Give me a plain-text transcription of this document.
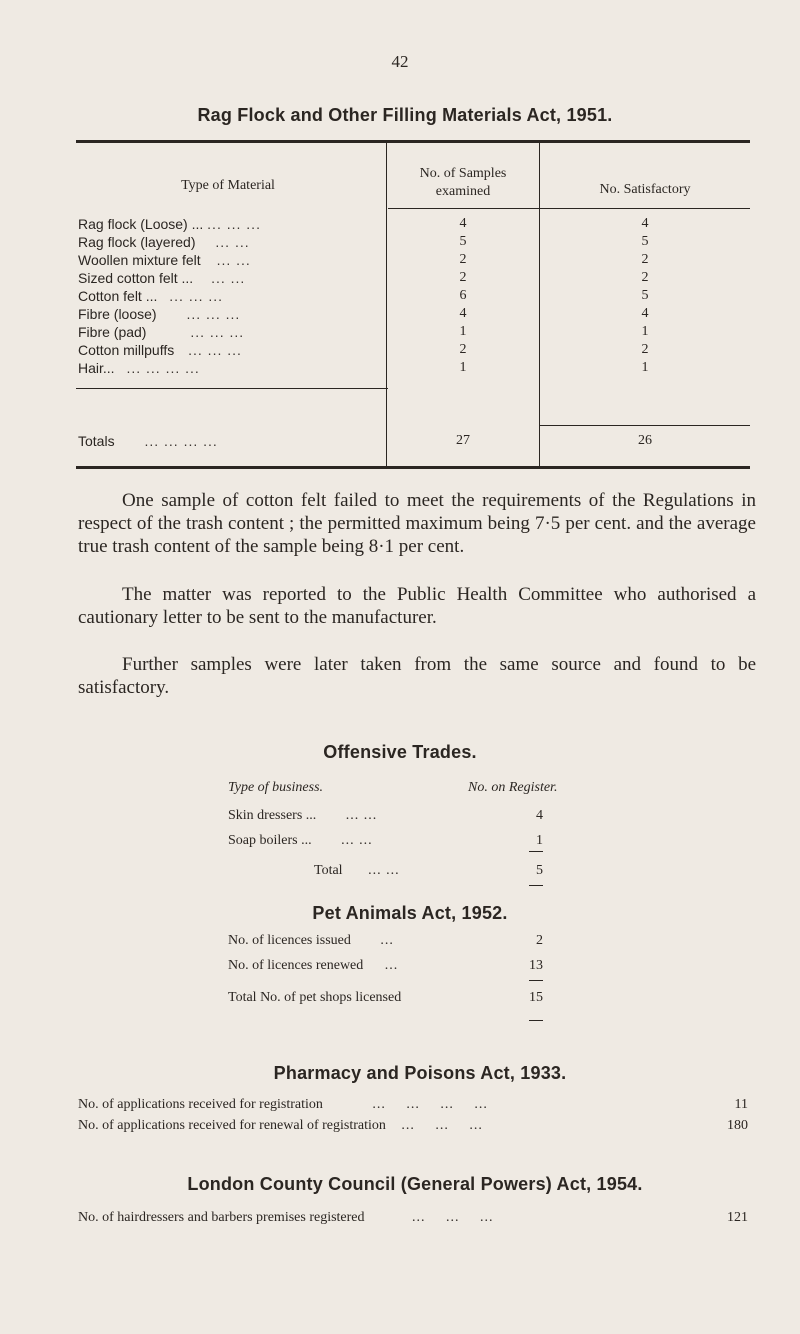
42
Rag Flock and Other Filling Materials Act, 1951.
Type of Material
No. of Samples
examined	No. Satisfactory
Rag flock (Loose) ... ... ... ...	4	4
Rag flock (layered) ... ...	5	5
Woollen mixture felt ... ...	2	2
Sized cotton felt ... ... ...	2	2
Cotton felt ... ... ... ...	6	5
Fibre (loose) ... ... ...	4	4
Fibre (pad)	... ... ...	1	1
Cotton millpuffs ... ... ...	2	2
Hair... ... ... ... ...	1	1
Totals ... ... ... ...	27	26

One sample of cotton felt failed to meet the requirements of the Regulations in respect of the trash content ; the permitted maximum being 7·5 per cent. and the average true trash content of the sample being 8·1 per cent.

The matter was reported to the Public Health Committee who authorised a cautionary letter to be sent to the manufacturer.

Further samples were later taken from the same source and found to be satisfactory.

Offensive Trades.
Type of business.	No. on Register.
Skin dressers ... ... ...	4
Soap boilers ... ... ...	1
Total ... ...	5
Pet Animals Act, 1952.
No. of licences issued ...	2
No. of licences renewed ...	13
Total No. of pet shops licensed	15
Pharmacy and Poisons Act, 1933.
No. of applications received for registration	... ... ... ...	11
No. of applications received for renewal of registration ... ... ...	180
London County Council (General Powers) Act, 1954.
No. of hairdressers and barbers premises registered	... ... ...	121
